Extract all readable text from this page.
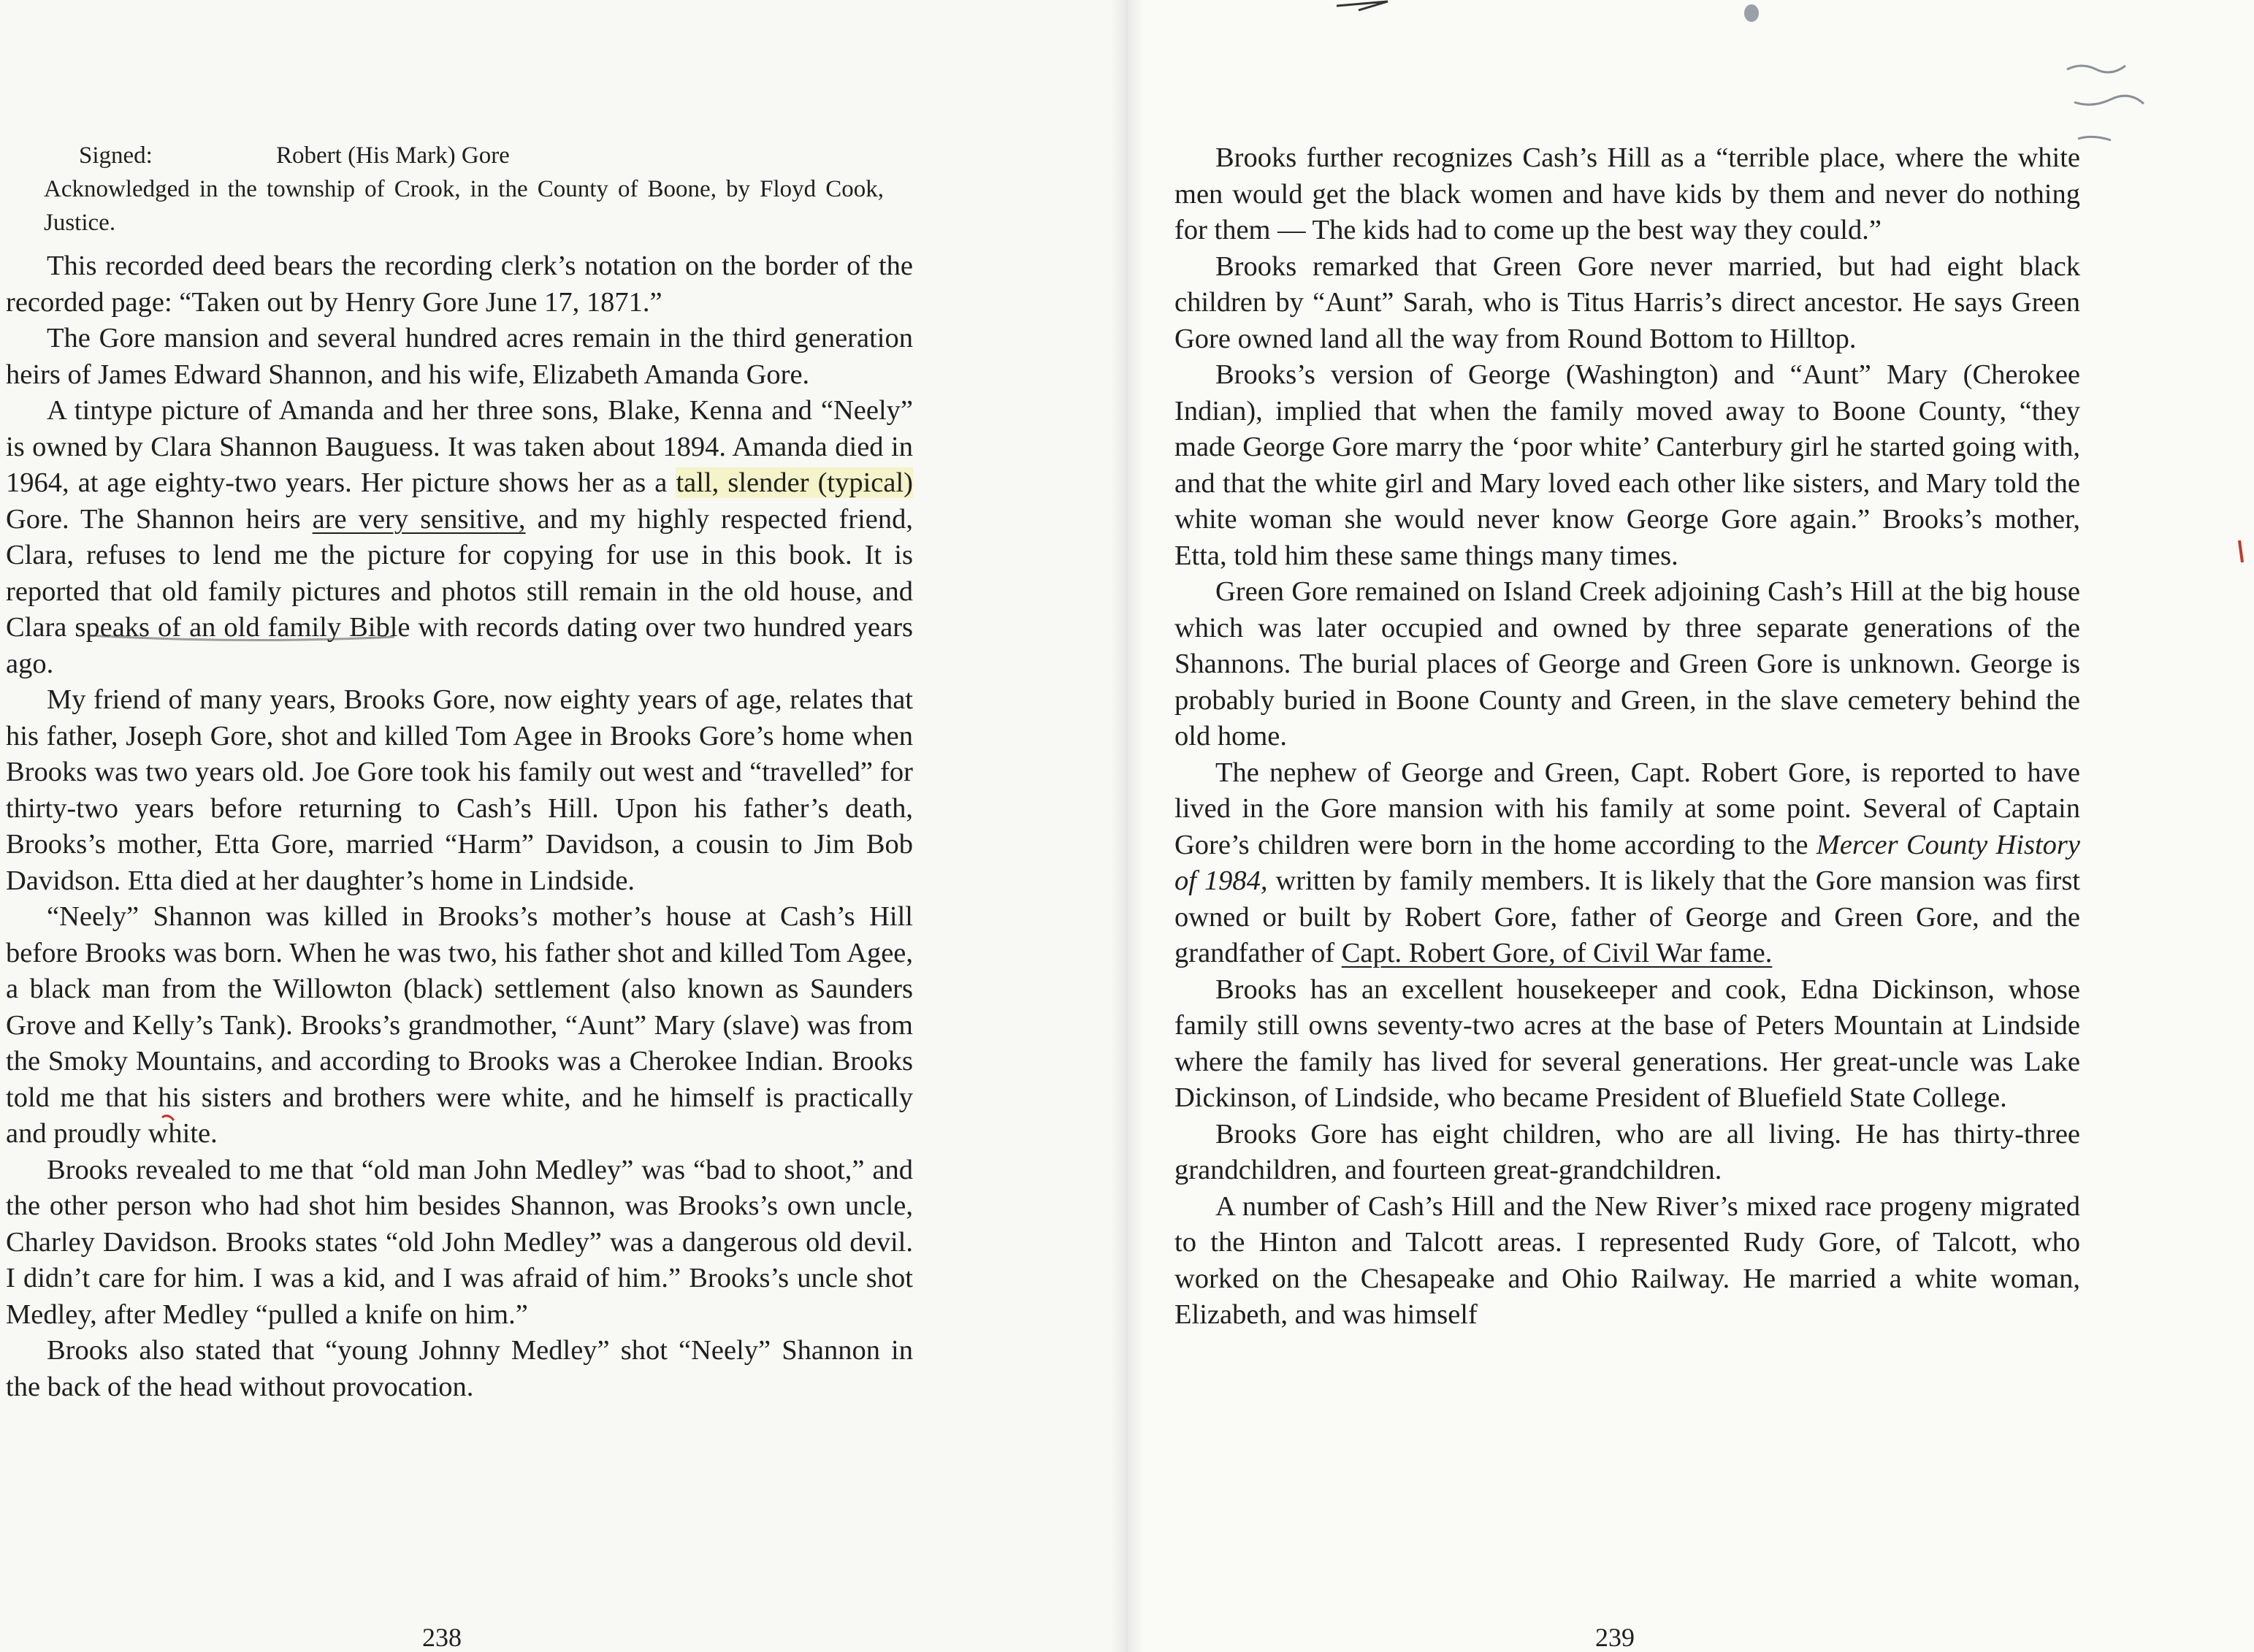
Signed:	Robert (His Mark) Gore
Acknowledged in the township of Crook, in the County of Boone, by Floyd Cook, Justice.

This recorded deed bears the recording clerk’s notation on the border of the recorded page: “Taken out by Henry Gore June 17, 1871.”

The Gore mansion and several hundred acres remain in the third generation heirs of James Edward Shannon, and his wife, Elizabeth Amanda Gore.

A tintype picture of Amanda and her three sons, Blake, Kenna and “Neely” is owned by Clara Shannon Bauguess. It was taken about 1894. Amanda died in 1964, at age eighty-two years. Her picture shows her as a tall, slender (typical) Gore. The Shannon heirs are very sensitive, and my highly respected friend, Clara, refuses to lend me the picture for copying for use in this book. It is reported that old family pictures and photos still remain in the old house, and Clara speaks of an old family Bible with records dating over two hundred years ago.

My friend of many years, Brooks Gore, now eighty years of age, relates that his father, Joseph Gore, shot and killed Tom Agee in Brooks Gore’s home when Brooks was two years old. Joe Gore took his family out west and “travelled” for thirty-two years before returning to Cash’s Hill. Upon his father’s death, Brooks’s mother, Etta Gore, married “Harm” Davidson, a cousin to Jim Bob Davidson. Etta died at her daughter’s home in Lindside.

“Neely” Shannon was killed in Brooks’s mother’s house at Cash’s Hill before Brooks was born. When he was two, his father shot and killed Tom Agee, a black man from the Willowton (black) settlement (also known as Saunders Grove and Kelly’s Tank). Brooks’s grandmother, “Aunt” Mary (slave) was from the Smoky Mountains, and according to Brooks was a Cherokee Indian. Brooks told me that his sisters and brothers were white, and he himself is practically and proudly white.

Brooks revealed to me that “old man John Medley” was “bad to shoot,” and the other person who had shot him besides Shannon, was Brooks’s own uncle, Charley Davidson. Brooks states “old John Medley” was a dangerous old devil. I didn’t care for him. I was a kid, and I was afraid of him.” Brooks’s uncle shot Medley, after Medley “pulled a knife on him.”

Brooks also stated that “young Johnny Medley” shot “Neely” Shannon in the back of the head without provocation.

238

Brooks further recognizes Cash’s Hill as a “terrible place, where the white men would get the black women and have kids by them and never do nothing for them — The kids had to come up the best way they could.”

Brooks remarked that Green Gore never married, but had eight black children by “Aunt” Sarah, who is Titus Harris’s direct ancestor. He says Green Gore owned land all the way from Round Bottom to Hilltop.

Brooks’s version of George (Washington) and “Aunt” Mary (Cherokee Indian), implied that when the family moved away to Boone County, “they made George Gore marry the ‘poor white’ Canterbury girl he started going with, and that the white girl and Mary loved each other like sisters, and Mary told the white woman she would never know George Gore again.” Brooks’s mother, Etta, told him these same things many times.

Green Gore remained on Island Creek adjoining Cash’s Hill at the big house which was later occupied and owned by three separate generations of the Shannons. The burial places of George and Green Gore is unknown. George is probably buried in Boone County and Green, in the slave cemetery behind the old home.

The nephew of George and Green, Capt. Robert Gore, is reported to have lived in the Gore mansion with his family at some point. Several of Captain Gore’s children were born in the home according to the Mercer County History of 1984, written by family members. It is likely that the Gore mansion was first owned or built by Robert Gore, father of George and Green Gore, and the grandfather of Capt. Robert Gore, of Civil War fame.

Brooks has an excellent housekeeper and cook, Edna Dickinson, whose family still owns seventy-two acres at the base of Peters Mountain at Lindside where the family has lived for several generations. Her great-uncle was Lake Dickinson, of Lindside, who became President of Bluefield State College.

Brooks Gore has eight children, who are all living. He has thirty-three grandchildren, and fourteen great-grandchildren.

A number of Cash’s Hill and the New River’s mixed race progeny migrated to the Hinton and Talcott areas. I represented Rudy Gore, of Talcott, who worked on the Chesapeake and Ohio Railway. He married a white woman, Elizabeth, and was himself

239
